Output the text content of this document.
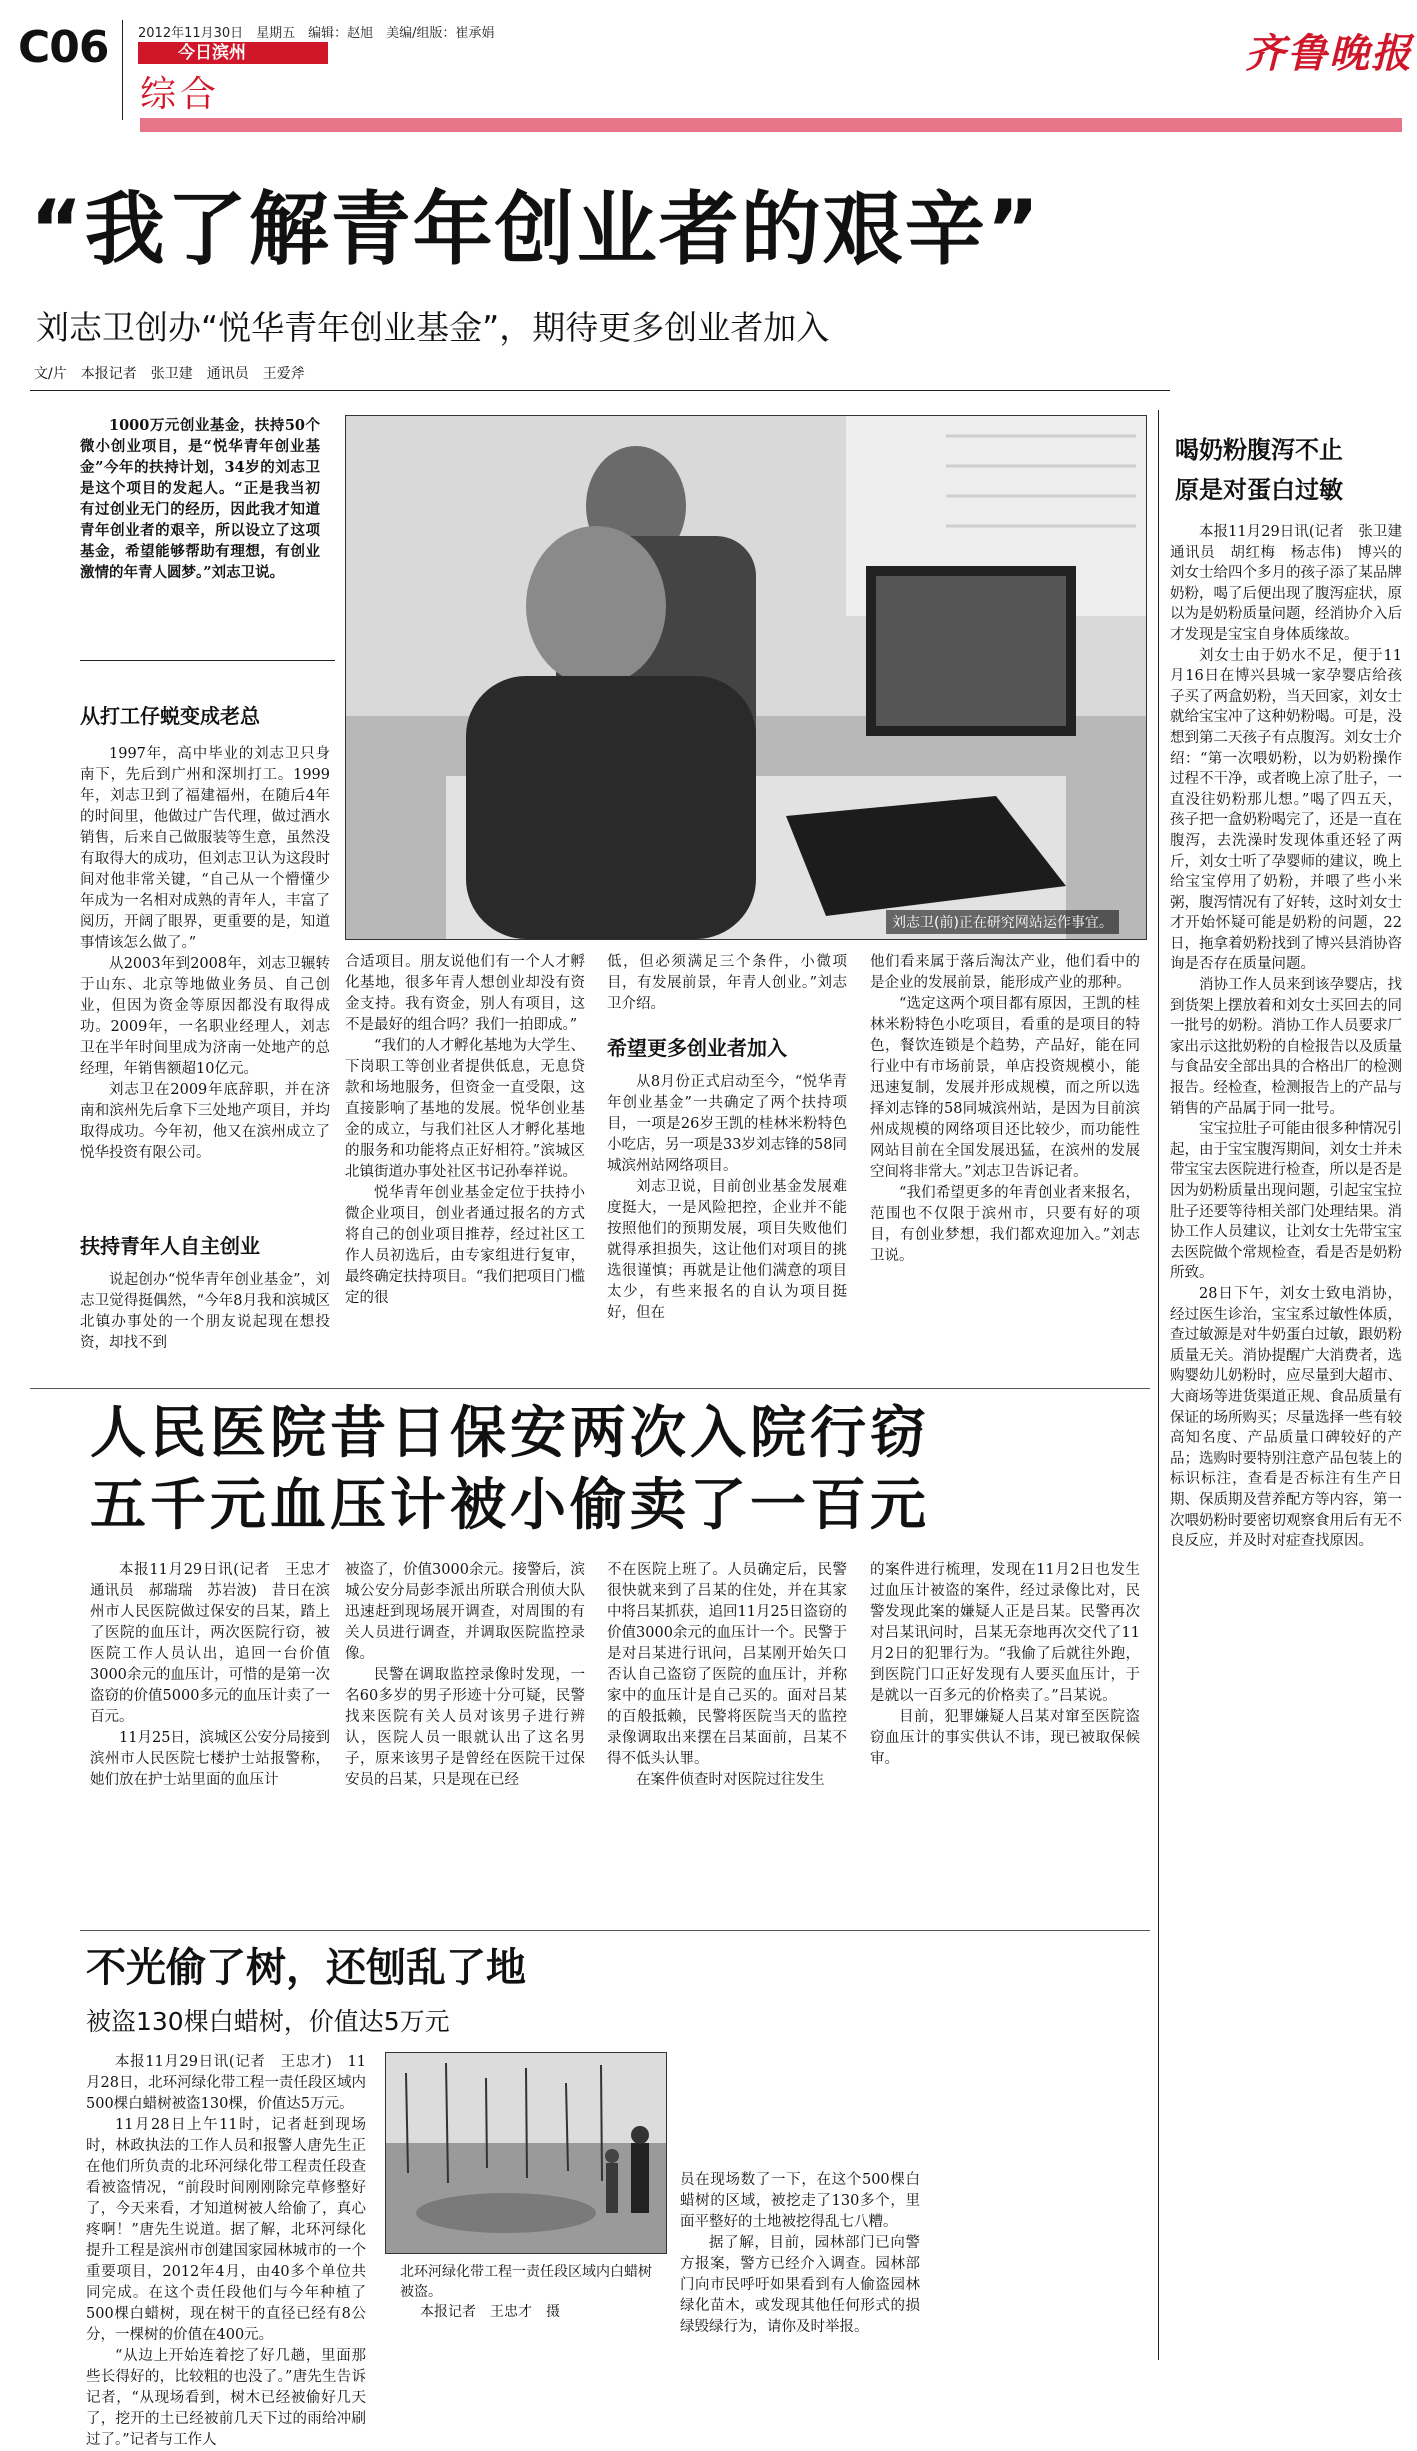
C06 2012年11月30日　星期五　编辑：赵旭　美编/组版：崔承娟
今日滨州
综合
齐鲁晚报
“我了解青年创业者的艰辛”
刘志卫创办“悦华青年创业基金”，期待更多创业者加入
文/片　本报记者　张卫建　通讯员　王爱斧

1000万元创业基金，扶持50个微小创业项目，是“悦华青年创业基金”今年的扶持计划，34岁的刘志卫是这个项目的发起人。“正是我当初有过创业无门的经历，因此我才知道青年创业者的艰辛，所以设立了这项基金，希望能够帮助有理想，有创业激情的年青人圆梦。”刘志卫说。

刘志卫(前)正在研究网站运作事宜。
从打工仔蜕变成老总

1997年，高中毕业的刘志卫只身南下，先后到广州和深圳打工。1999年，刘志卫到了福建福州，在随后4年的时间里，他做过广告代理，做过酒水销售，后来自己做服装等生意，虽然没有取得大的成功，但刘志卫认为这段时间对他非常关键，“自己从一个懵懂少年成为一名相对成熟的青年人，丰富了阅历，开阔了眼界，更重要的是，知道事情该怎么做了。”

从2003年到2008年，刘志卫辗转于山东、北京等地做业务员、自己创业，但因为资金等原因都没有取得成功。2009年，一名职业经理人，刘志卫在半年时间里成为济南一处地产的总经理，年销售额超10亿元。

刘志卫在2009年底辞职，并在济南和滨州先后拿下三处地产项目，并均取得成功。今年初，他又在滨州成立了悦华投资有限公司。

扶持青年人自主创业

说起创办“悦华青年创业基金”，刘志卫觉得挺偶然，“今年8月我和滨城区北镇办事处的一个朋友说起现在想投资，却找不到

合适项目。朋友说他们有一个人才孵化基地，很多年青人想创业却没有资金支持。我有资金，别人有项目，这不是最好的组合吗？我们一拍即成。”

“我们的人才孵化基地为大学生、下岗职工等创业者提供低息，无息贷款和场地服务，但资金一直受限，这直接影响了基地的发展。悦华创业基金的成立，与我们社区人才孵化基地的服务和功能将点正好相符。”滨城区北镇街道办事处社区书记孙奉祥说。

悦华青年创业基金定位于扶持小微企业项目，创业者通过报名的方式将自己的创业项目推荐，经过社区工作人员初选后，由专家组进行复审，最终确定扶持项目。“我们把项目门槛定的很

低，但必须满足三个条件，小微项目，有发展前景，年青人创业。”刘志卫介绍。

希望更多创业者加入

从8月份正式启动至今，“悦华青年创业基金”一共确定了两个扶持项目，一项是26岁王凯的桂林米粉特色小吃店，另一项是33岁刘志锋的58同城滨州站网络项目。

刘志卫说，目前创业基金发展难度挺大，一是风险把控，企业并不能按照他们的预期发展，项目失败他们就得承担损失，这让他们对项目的挑选很谨慎；再就是让他们满意的项目太少，有些来报名的自认为项目挺好，但在

他们看来属于落后淘汰产业，他们看中的是企业的发展前景，能形成产业的那种。

“选定这两个项目都有原因，王凯的桂林米粉特色小吃项目，看重的是项目的特色，餐饮连锁是个趋势，产品好，能在同行业中有市场前景，单店投资规模小，能迅速复制，发展并形成规模，而之所以选择刘志锋的58同城滨州站，是因为目前滨州成规模的网络项目还比较少，而功能性网站目前在全国发展迅猛，在滨州的发展空间将非常大。”刘志卫告诉记者。

“我们希望更多的年青创业者来报名，范围也不仅限于滨州市，只要有好的项目，有创业梦想，我们都欢迎加入。”刘志卫说。

喝奶粉腹泻不止
原是对蛋白过敏

本报11月29日讯(记者　张卫建　通讯员　胡红梅　杨志伟)　博兴的刘女士给四个多月的孩子添了某品牌奶粉，喝了后便出现了腹泻症状，原以为是奶粉质量问题，经消协介入后才发现是宝宝自身体质缘故。

刘女士由于奶水不足，便于11月16日在博兴县城一家孕婴店给孩子买了两盒奶粉，当天回家，刘女士就给宝宝冲了这种奶粉喝。可是，没想到第二天孩子有点腹泻。刘女士介绍：“第一次喂奶粉，以为奶粉操作过程不干净，或者晚上凉了肚子，一直没往奶粉那儿想。”喝了四五天，孩子把一盒奶粉喝完了，还是一直在腹泻，去洗澡时发现体重还轻了两斤，刘女士听了孕婴师的建议，晚上给宝宝停用了奶粉，并喂了些小米粥，腹泻情况有了好转，这时刘女士才开始怀疑可能是奶粉的问题，22日，拖拿着奶粉找到了博兴县消协咨询是否存在质量问题。

消协工作人员来到该孕婴店，找到货架上摆放着和刘女士买回去的同一批号的奶粉。消协工作人员要求厂家出示这批奶粉的自检报告以及质量与食品安全部出具的合格出厂的检测报告。经检查，检测报告上的产品与销售的产品属于同一批号。

宝宝拉肚子可能由很多种情况引起，由于宝宝腹泻期间，刘女士并未带宝宝去医院进行检查，所以是否是因为奶粉质量出现问题，引起宝宝拉肚子还要等待相关部门处理结果。消协工作人员建议，让刘女士先带宝宝去医院做个常规检查，看是否是奶粉所致。

28日下午，刘女士致电消协，经过医生诊治，宝宝系过敏性体质，查过敏源是对牛奶蛋白过敏，跟奶粉质量无关。消协提醒广大消费者，选购婴幼儿奶粉时，应尽量到大超市、大商场等进货渠道正规、食品质量有保证的场所购买；尽量选择一些有较高知名度、产品质量口碑较好的产品；选购时要特别注意产品包装上的标识标注，查看是否标注有生产日期、保质期及营养配方等内容，第一次喂奶粉时要密切观察食用后有无不良反应，并及时对症查找原因。

人民医院昔日保安两次入院行窃
五千元血压计被小偷卖了一百元

本报11月29日讯(记者　王忠才　通讯员　郝瑞瑞　苏岩波)　昔日在滨州市人民医院做过保安的吕某，踏上了医院的血压计，两次医院行窃，被医院工作人员认出，追回一台价值3000余元的血压计，可惜的是第一次盗窃的价值5000多元的血压计卖了一百元。

11月25日，滨城区公安分局接到滨州市人民医院七楼护士站报警称，她们放在护士站里面的血压计

被盗了，价值3000余元。接警后，滨城公安分局彭李派出所联合刑侦大队迅速赶到现场展开调查，对周围的有关人员进行调查，并调取医院监控录像。

民警在调取监控录像时发现，一名60多岁的男子形迹十分可疑，民警找来医院有关人员对该男子进行辨认，医院人员一眼就认出了这名男子，原来该男子是曾经在医院干过保安员的吕某，只是现在已经

不在医院上班了。人员确定后，民警很快就来到了吕某的住处，并在其家中将吕某抓获，追回11月25日盗窃的价值3000余元的血压计一个。民警于是对吕某进行讯问，吕某刚开始矢口否认自己盗窃了医院的血压计，并称家中的血压计是自己买的。面对吕某的百般抵赖，民警将医院当天的监控录像调取出来摆在吕某面前，吕某不得不低头认罪。

在案件侦查时对医院过往发生

的案件进行梳理，发现在11月2日也发生过血压计被盗的案件，经过录像比对，民警发现此案的嫌疑人正是吕某。民警再次对吕某讯问时，吕某无奈地再次交代了11月2日的犯罪行为。“我偷了后就往外跑，到医院门口正好发现有人要买血压计，于是就以一百多元的价格卖了。”吕某说。

目前，犯罪嫌疑人吕某对窜至医院盗窃血压计的事实供认不讳，现已被取保候审。

不光偷了树，还刨乱了地
被盗130棵白蜡树，价值达5万元

本报11月29日讯(记者　王忠才)　11月28日，北环河绿化带工程一责任段区域内500棵白蜡树被盗130棵，价值达5万元。

11月28日上午11时，记者赶到现场时，林政执法的工作人员和报警人唐先生正在他们所负责的北环河绿化带工程责任段查看被盗情况，“前段时间刚刚除完草修整好了，今天来看，才知道树被人给偷了，真心疼啊！”唐先生说道。据了解，北环河绿化提升工程是滨州市创建国家园林城市的一个重要项目，2012年4月，由40多个单位共同完成。在这个责任段他们与今年种植了500棵白蜡树，现在树干的直径已经有8公分，一棵树的价值在400元。

“从边上开始连着挖了好几趟，里面那些长得好的，比较粗的也没了。”唐先生告诉记者，“从现场看到，树木已经被偷好几天了，挖开的土已经被前几天下过的雨给冲刷过了。”记者与工作人

北环河绿化带工程一责任段区域内白蜡树被盗。
本报记者　王忠才　摄

员在现场数了一下，在这个500棵白蜡树的区域，被挖走了130多个，里面平整好的土地被挖得乱七八糟。

据了解，目前，园林部门已向警方报案，警方已经介入调查。园林部门向市民呼吁如果看到有人偷盗园林绿化苗木，或发现其他任何形式的损绿毁绿行为，请你及时举报。
